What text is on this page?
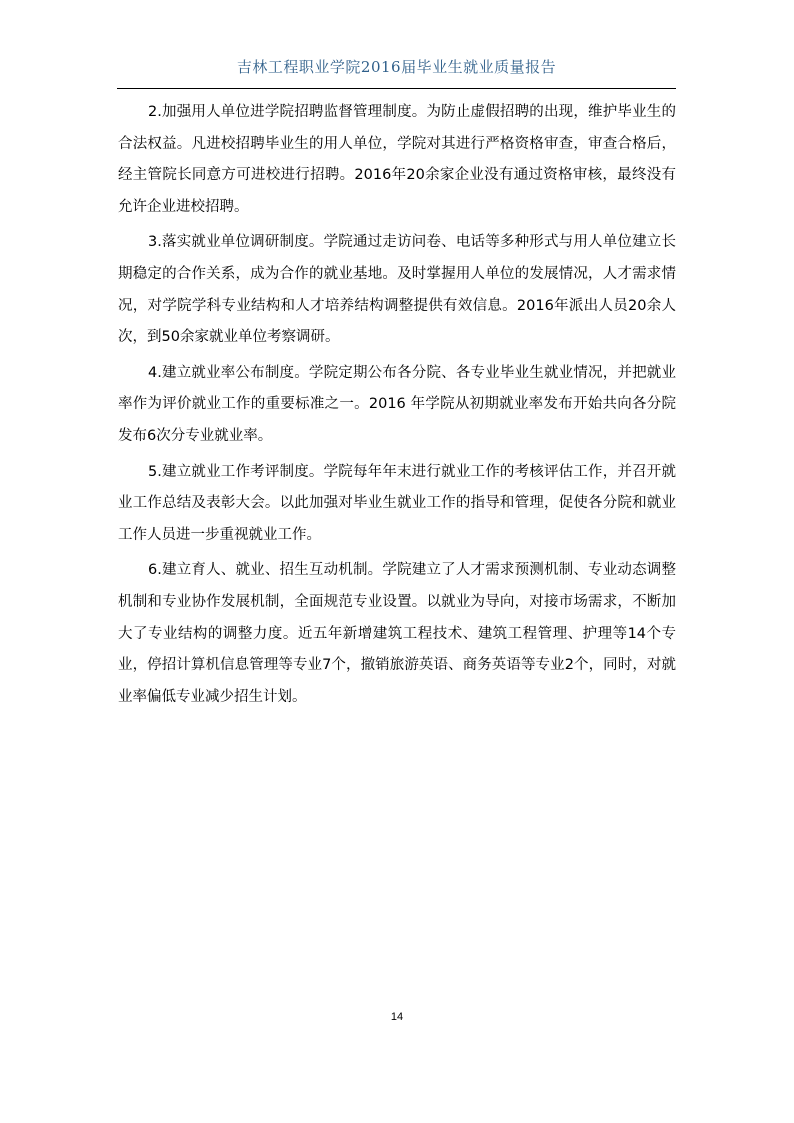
吉林工程职业学院2016届毕业生就业质量报告

2.加强用人单位进学院招聘监督管理制度。为防止虚假招聘的出现，维护毕业生的合法权益。凡进校招聘毕业生的用人单位，学院对其进行严格资格审查，审查合格后，经主管院长同意方可进校进行招聘。2016年20余家企业没有通过资格审核，最终没有允许企业进校招聘。

3.落实就业单位调研制度。学院通过走访问卷、电话等多种形式与用人单位建立长期稳定的合作关系，成为合作的就业基地。及时掌握用人单位的发展情况，人才需求情况，对学院学科专业结构和人才培养结构调整提供有效信息。2016年派出人员20余人次，到50余家就业单位考察调研。

4.建立就业率公布制度。学院定期公布各分院、各专业毕业生就业情况，并把就业率作为评价就业工作的重要标准之一。2016 年学院从初期就业率发布开始共向各分院发布6次分专业就业率。

5.建立就业工作考评制度。学院每年年末进行就业工作的考核评估工作，并召开就业工作总结及表彰大会。以此加强对毕业生就业工作的指导和管理，促使各分院和就业工作人员进一步重视就业工作。

6.建立育人、就业、招生互动机制。学院建立了人才需求预测机制、专业动态调整机制和专业协作发展机制，全面规范专业设置。以就业为导向，对接市场需求，不断加大了专业结构的调整力度。近五年新增建筑工程技术、建筑工程管理、护理等14个专业，停招计算机信息管理等专业7个，撤销旅游英语、商务英语等专业2个，同时，对就业率偏低专业减少招生计划。

14
